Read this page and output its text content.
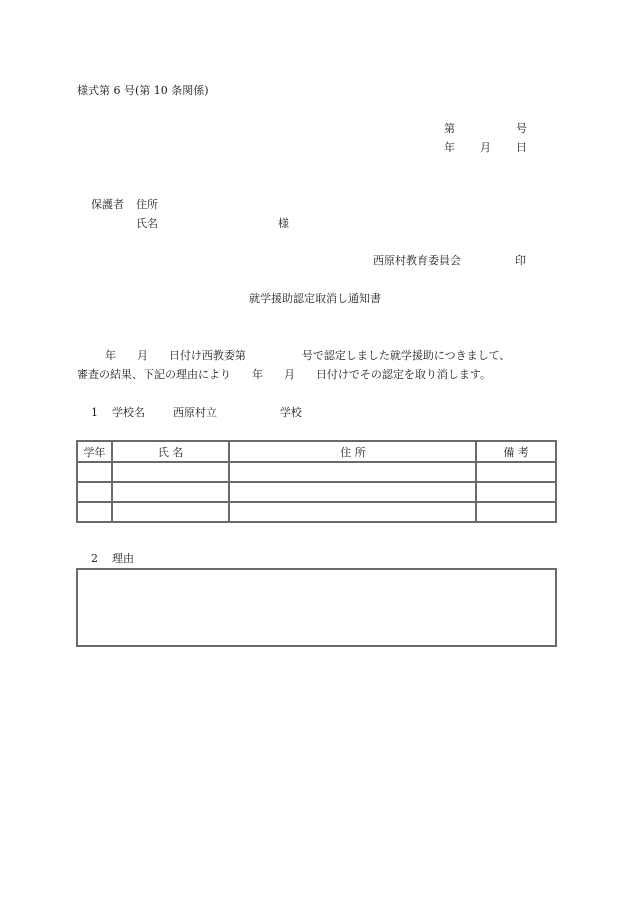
様式第 6 号(第 10 条関係)
第	号
年 月 日
保護者 住所
氏名	様
西原村教育委員会	印
就学援助認定取消し通知書
年      月      日付け西教委第                号で認定しました就学援助につきまして、
審査の結果、下記の理由により      年      月      日付けでその認定を取り消します。
1    学校名        西原村立                  学校
学年	氏 名	住 所	備 考

2    理由
